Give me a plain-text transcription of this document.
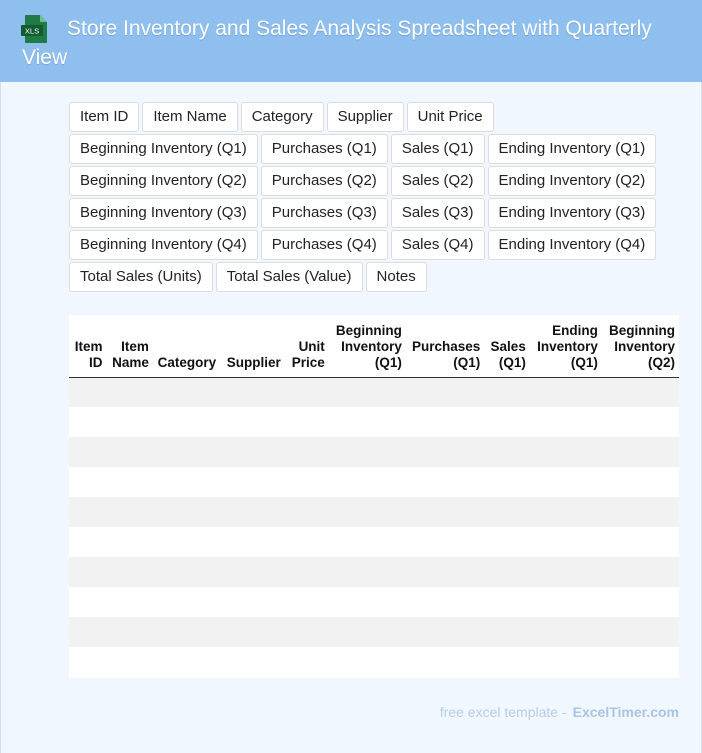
XLS	Store Inventory and Sales Analysis Spreadsheet with Quarterly View
Item ID	Item Name	Category	Supplier	Unit Price
Beginning Inventory (Q1)	Purchases (Q1)	Sales (Q1)	Ending Inventory (Q1)
Beginning Inventory (Q2)	Purchases (Q2)	Sales (Q2)	Ending Inventory (Q2)
Beginning Inventory (Q3)	Purchases (Q3)	Sales (Q3)	Ending Inventory (Q3)
Beginning Inventory (Q4)	Purchases (Q4)	Sales (Q4)	Ending Inventory (Q4)
Total Sales (Units)	Total Sales (Value)	Notes
Item ID	Item Name	Category	Supplier	Unit Price	Beginning Inventory (Q1)	Purchases (Q1)	Sales (Q1)	Ending Inventory (Q1)	Beginning Inventory (Q2)

free excel template - ExcelTimer.com
